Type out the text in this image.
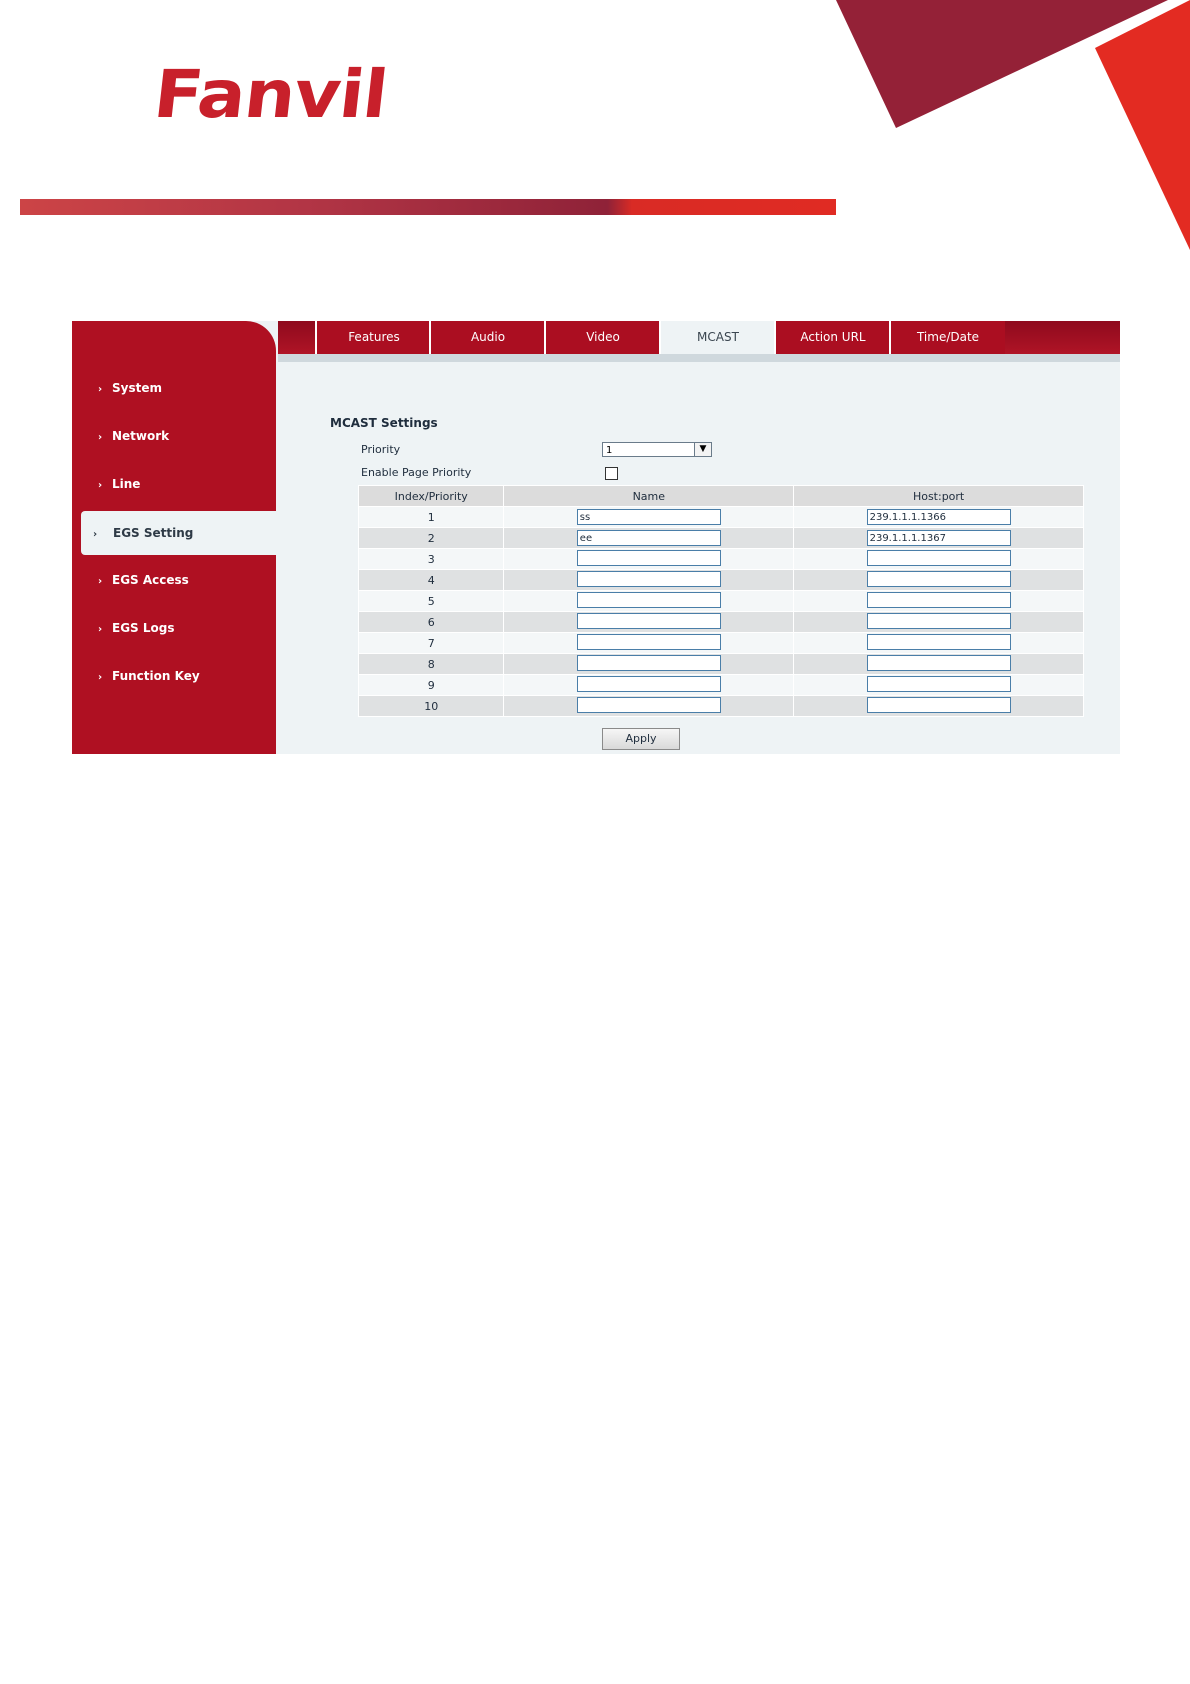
Fanvil
› System
› Network
› Line
› EGS Setting
› EGS Access
› EGS Logs
› Function Key
Features	Audio	Video	MCAST	Action URL	Time/Date
MCAST Settings
Priority	1	▼
Enable Page Priority
Index/Priority	Name	Host:port
1	ss	239.1.1.1.1366
2	ee	239.1.1.1.1367
3		
4		
5		
6		
7		
8		
9		
10		
Apply
